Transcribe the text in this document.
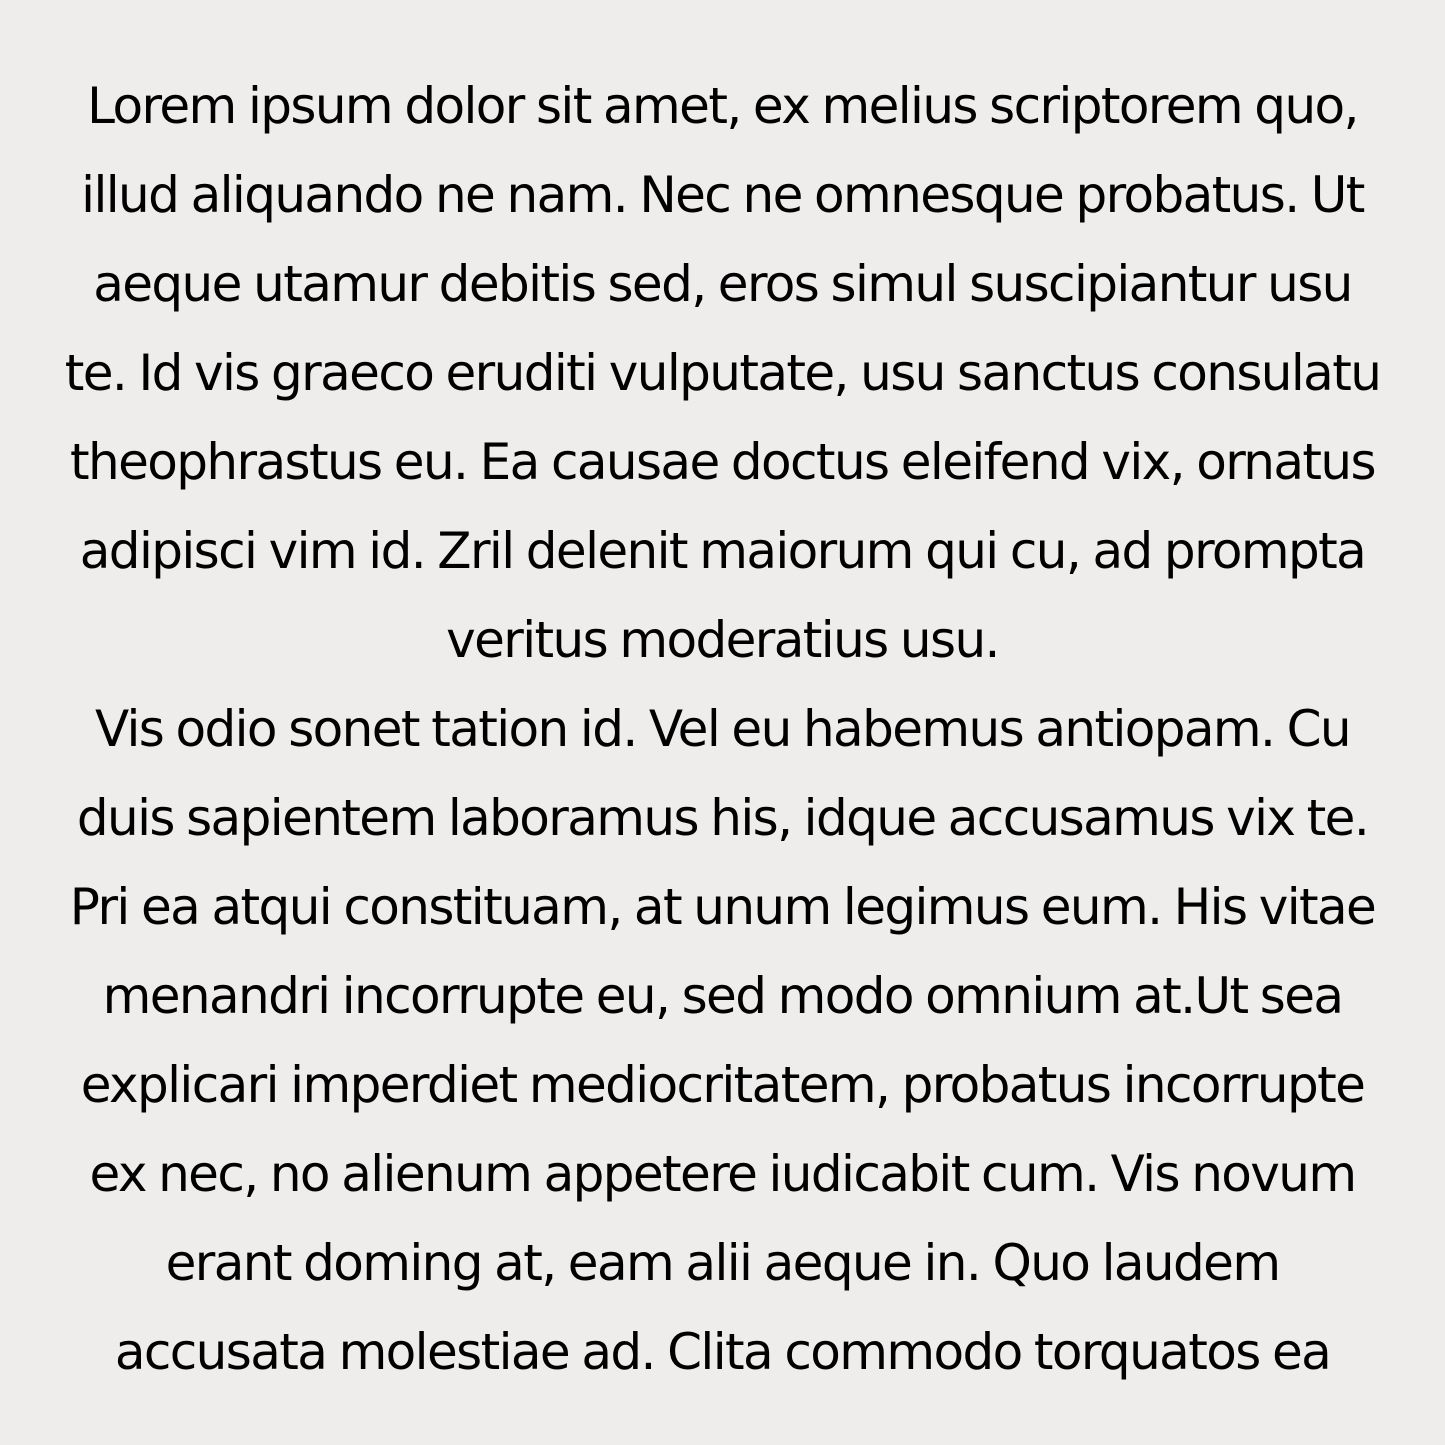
Lorem ipsum dolor sit amet, ex melius scriptorem quo,
illud aliquando ne nam. Nec ne omnesque probatus. Ut
aeque utamur debitis sed, eros simul suscipiantur usu
te. Id vis graeco eruditi vulputate, usu sanctus consulatu
theophrastus eu. Ea causae doctus eleifend vix, ornatus
adipisci vim id. Zril delenit maiorum qui cu, ad prompta
veritus moderatius usu.
Vis odio sonet tation id. Vel eu habemus antiopam. Cu
duis sapientem laboramus his, idque accusamus vix te.
Pri ea atqui constituam, at unum legimus eum. His vitae
menandri incorrupte eu, sed modo omnium at.Ut sea
explicari imperdiet mediocritatem, probatus incorrupte
ex nec, no alienum appetere iudicabit cum. Vis novum
erant doming at, eam alii aeque in. Quo laudem
accusata molestiae ad. Clita commodo torquatos ea
